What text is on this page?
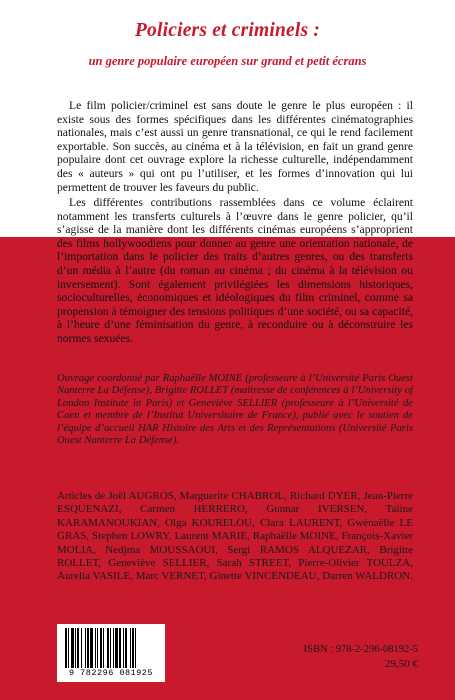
Policiers et criminels :
un genre populaire européen sur grand et petit écrans

Le film policier/criminel est sans doute le genre le plus européen : il existe sous des formes spécifiques dans les différentes cinématographies nationales, mais c’est aussi un genre transnational, ce qui le rend facilement exportable. Son succès, au cinéma et à la télévision, en fait un grand genre populaire dont cet ouvrage explore la richesse culturelle, indépendamment des « auteurs » qui ont pu l’utiliser, et les formes d’innovation qui lui permettent de trouver les faveurs du public.

Les différentes contributions rassemblées dans ce volume éclairent notamment les transferts culturels à l’œuvre dans le genre policier, qu’il s’agisse de la manière dont les différents cinémas européens s’approprient des films hollywoodiens pour donner au genre une orientation nationale, de l’importation dans le policier des traits d’autres genres, ou des transferts d’un média à l’autre (du roman au cinéma ; du cinéma à la télévision ou inversement). Sont également privilégiées les dimensions historiques, socioculturelles, économiques et idéologiques du film criminel, comme sa propension à témoigner des tensions politiques d’une société, ou sa capacité, à l’heure d’une féminisation du genre, à reconduire ou à déconstruire les normes sexuées.

Ouvrage coordonné par Raphaëlle MOINE (professeure à l’Université Paris Ouest Nanterre La Défense), Brigitte ROLLET (maîtresse de conférences à l’University of London Institute in Paris) et Geneviève SELLIER (professeure à l’Université de Caen et membre de l’Institut Universitaire de France), publié avec le soutien de l’équipe d’accueil HAR Histoire des Arts et des Représentations (Université Paris Ouest Nanterre La Défense).

Articles de Joël AUGROS, Marguerite CHABROL, Richard DYER, Jean-Pierre ESQUENAZI, Carmen HERRERO, Gunnar IVERSEN, Taline KARAMANOUKIAN, Olga KOURELOU, Clara LAURENT, Gwénaëlle LE GRAS, Stephen LOWRY, Laurent MARIE, Raphaëlle MOINE, François-Xavier MOLIA, Nedjma MOUSSAOUI, Sergi RAMOS ALQUEZAR, Brigitte ROLLET, Geneviève SELLIER, Sarah STREET, Pierre-Olivier TOULZA, Aurelia VASILE, Marc VERNET, Ginette VINCENDEAU, Darren WALDRON.

9 782296 081925
ISBN : 978-2-296-08192-5
29,50 €
